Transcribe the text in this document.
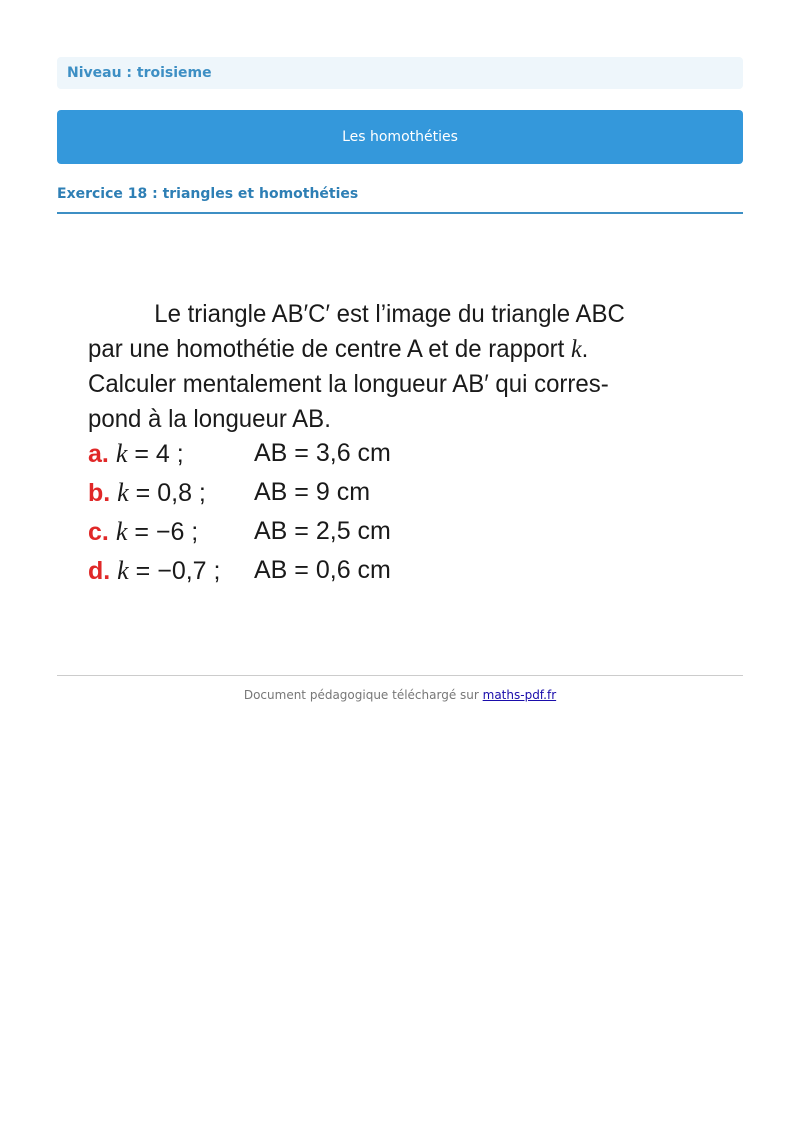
Niveau : troisieme
Les homothéties
Exercice 18 : triangles et homothéties
Le triangle AB′C′ est l’image du triangle ABC
par une homothétie de centre A et de rapport k.
Calculer mentalement la longueur AB′ qui corres-
pond à la longueur AB.
a. k = 4 ;	AB = 3,6 cm
b. k = 0,8 ; AB = 9 cm
c. k = −6 ; AB = 2,5 cm
d. k = −0,7 ; AB = 0,6 cm
Document pédagogique téléchargé sur maths-pdf.fr
